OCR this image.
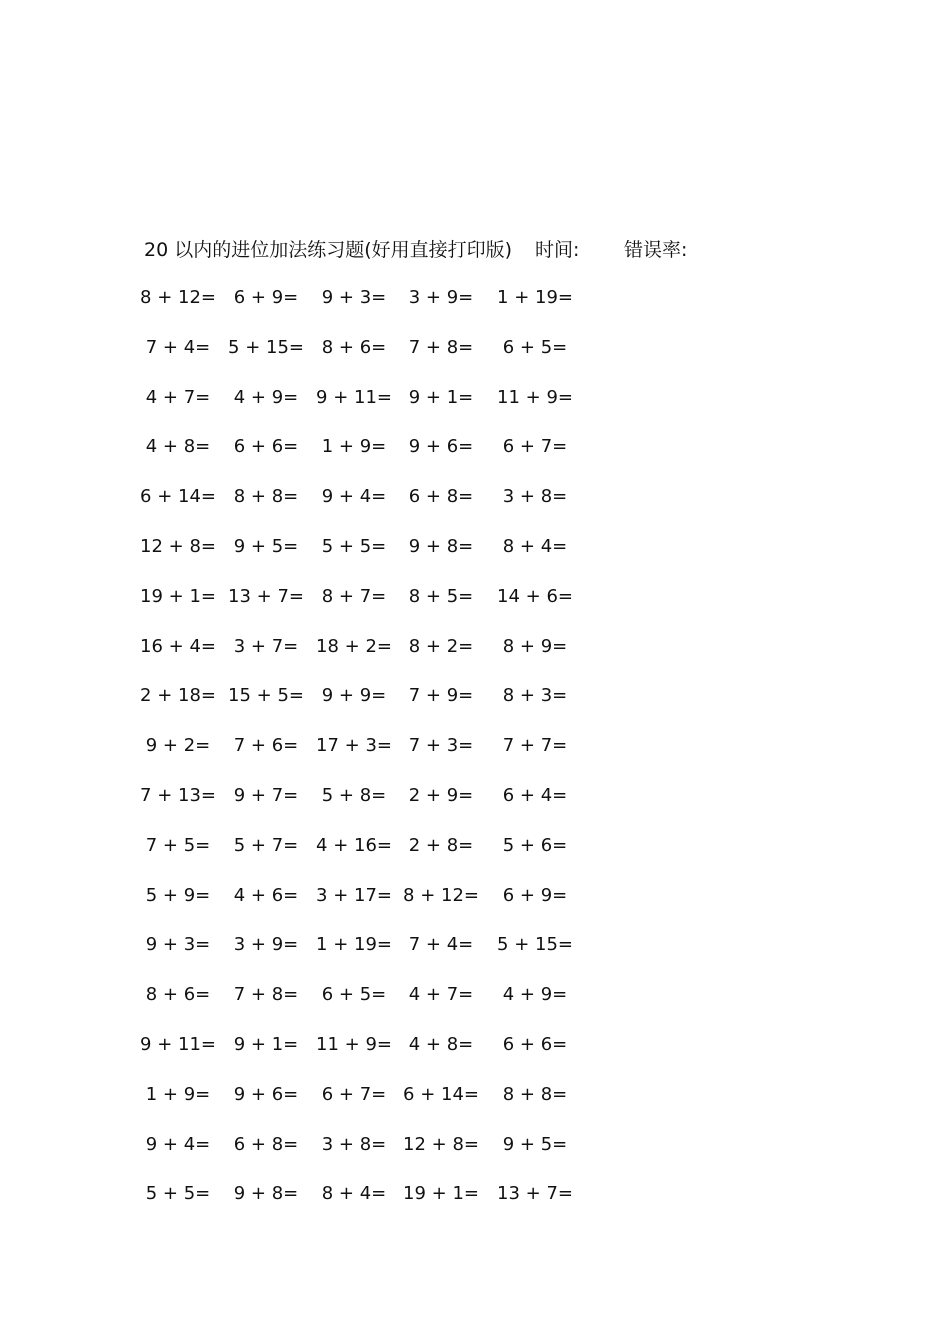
20 以内的进位加法练习题(好用直接打印版) 时间: 错误率:
8 + 12= 6 + 9=	9 + 3=	3 + 9=	1 + 19=
7 + 4= 5 + 15= 8 + 6=	7 + 8=	6 + 5=
4 + 7=	4 + 9= 9 + 11= 9 + 1=	11 + 9=
4 + 8=	6 + 6=	1 + 9=	9 + 6=	6 + 7=
6 + 14= 8 + 8=	9 + 4=	6 + 8=	3 + 8=
12 + 8= 9 + 5=	5 + 5=	9 + 8=	8 + 4=
19 + 1= 13 + 7= 8 + 7=	8 + 5=	14 + 6=
16 + 4= 3 + 7= 18 + 2= 8 + 2=	8 + 9=
2 + 18= 15 + 5= 9 + 9=	7 + 9=	8 + 3=
9 + 2=	7 + 6= 17 + 3= 7 + 3=	7 + 7=
7 + 13= 9 + 7=	5 + 8=	2 + 9=	6 + 4=
7 + 5=	5 + 7= 4 + 16= 2 + 8=	5 + 6=
5 + 9=	4 + 6= 3 + 17= 8 + 12=	6 + 9=
9 + 3=	3 + 9= 1 + 19= 7 + 4=	5 + 15=
8 + 6=	7 + 8=	6 + 5=	4 + 7=	4 + 9=
9 + 11= 9 + 1= 11 + 9= 4 + 8=	6 + 6=
1 + 9=	9 + 6=	6 + 7= 6 + 14=	8 + 8=
9 + 4=	6 + 8=	3 + 8= 12 + 8=	9 + 5=
5 + 5=	9 + 8=	8 + 4= 19 + 1= 13 + 7=
